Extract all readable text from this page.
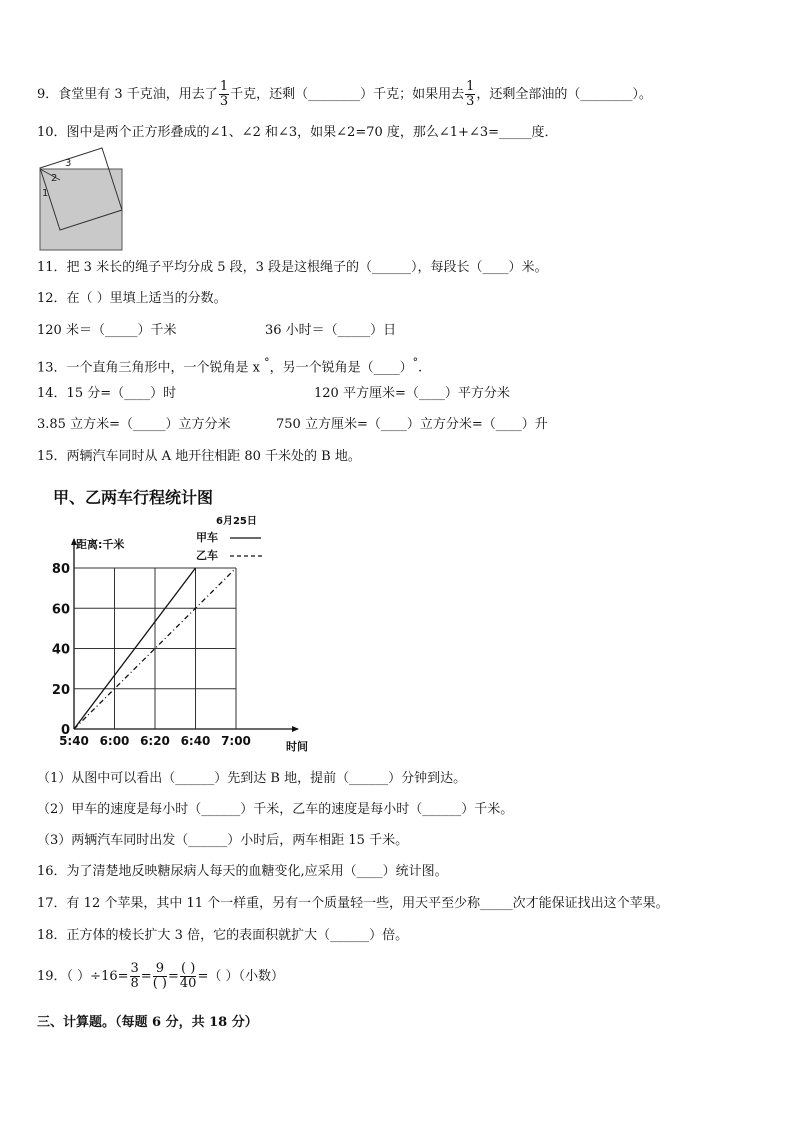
9．食堂里有 3 千克油，用去了 $\frac{1}{3}$ 千克，还剩（________）千克；如果用去 $\frac{1}{3}$ ，还剩全部油的（________）。
10．图中是两个正方形叠成的∠1、∠2 和∠3，如果∠2=70 度，那么∠1+∠3=_____度．
3
2
1
11．把 3 米长的绳子平均分成 5 段，3 段是这根绳子的（______），每段长（____）米。
12．在（ ）里填上适当的分数。
120 米＝（_____）千米	36 小时＝（_____）日
13．一个直角三角形中，一个锐角是 x °，另一个锐角是（____）°.
14．15 分=（____）时	120 平方厘米=（____）平方分米
3.85 立方米=（_____）立方分米	750 立方厘米=（____）立方分米=（____）升
15．两辆汽车同时从 A 地开往相距 80 千米处的 B 地。
甲、乙两车行程统计图
6月25日
距离:千米
甲车
乙车
0
20
40
60
80
5:40 6:00 6:20 6:40 7:00	时间
（1）从图中可以看出（______）先到达 B 地，提前（______）分钟到达。
（2）甲车的速度是每小时（______）千米，乙车的速度是每小时（______）千米。
（3）两辆汽车同时出发（______）小时后，两车相距 15 千米。
16．为了清楚地反映糖尿病人每天的血糖变化,应采用（____）统计图。
17．有 12 个苹果，其中 11 个一样重，另有一个质量轻一些，用天平至少称_____次才能保证找出这个苹果。
18．正方体的棱长扩大 3 倍，它的表面积就扩大（______）倍。
19．（ ）$\div 16= \frac{3}{8} = \frac{9}{( )} = \frac{( )}{40}$ =（ ）（小数）
三、计算题。（每题 6 分，共 18 分）
